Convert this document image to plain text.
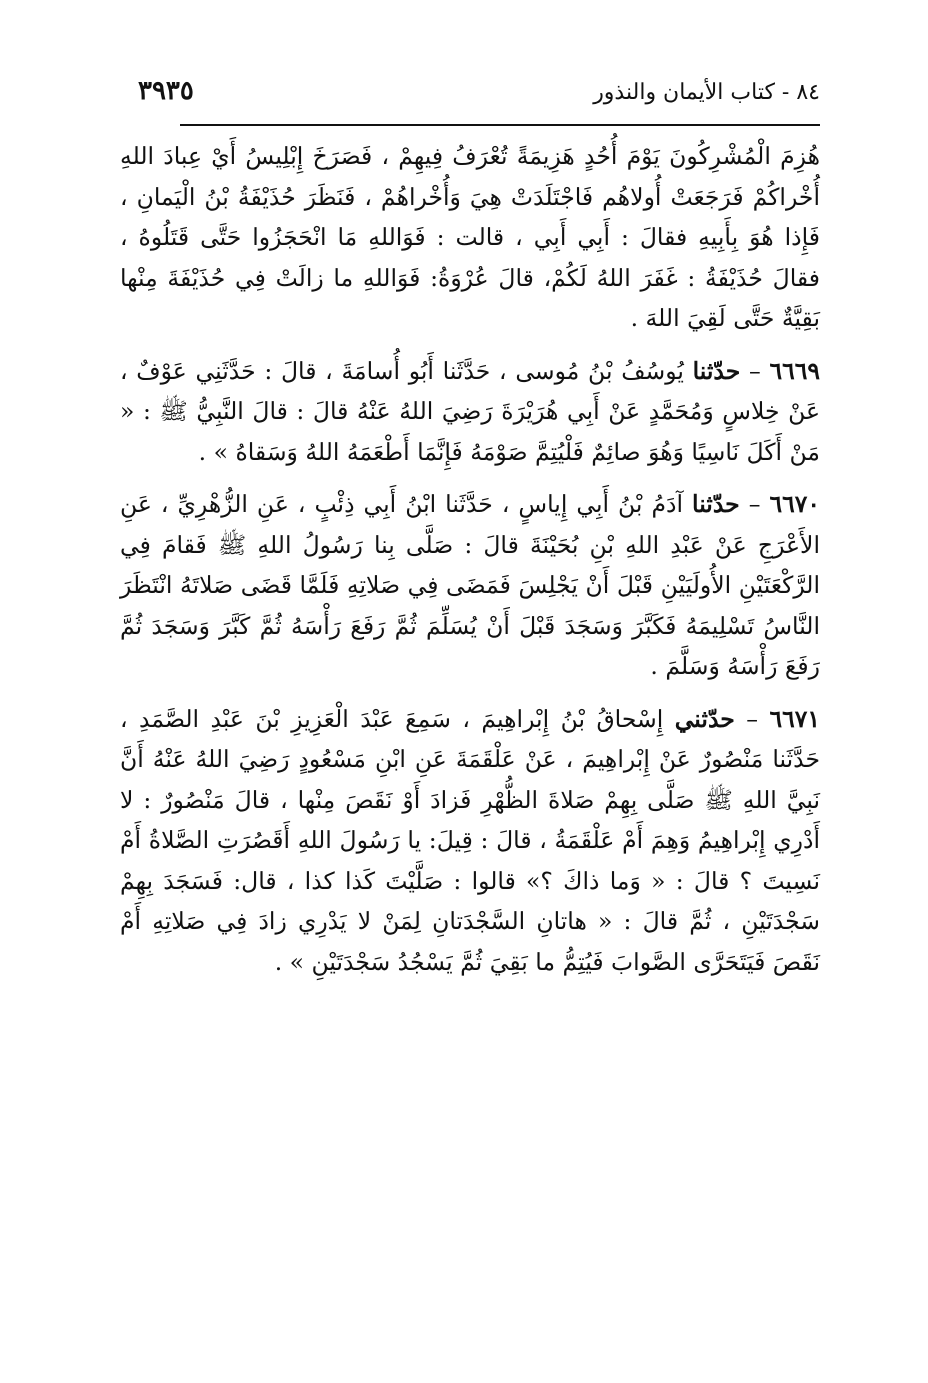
٨٤ - كتاب الأيمان والنذور
٣٩٣٥

هُزِمَ الْمُشْرِكُونَ يَوْمَ أُحُدٍ هَزِيمَةً تُعْرَفُ فِيهِمْ ، فَصَرَخَ إِبْلِيسُ أَيْ عِبادَ اللهِ أُخْراكُمْ فَرَجَعَتْ أُولاهُم فَاجْتَلَدَتْ هِيَ وَأُخْراهُمْ ، فَنَظَرَ حُذَيْفَةُ بْنُ الْيَمانِ ، فَإِذا هُوَ بِأَبِيهِ فقالَ : أَبِي أَبِي ، قالت : فَوَاللهِ مَا انْحَجَزُوا حَتَّى قَتَلُوهُ ، فقالَ حُذَيْفَةُ : غَفَرَ اللهُ لَكُمْ، قالَ عُرْوَةُ: فَوَاللهِ ما زالَتْ فِي حُذَيْفَةَ مِنْها بَقِيَّةٌ حَتَّى لَقِيَ اللهَ .

٦٦٦٩ – حدّثنا يُوسُفُ بْنُ مُوسى ، حَدَّثَنا أَبُو أُسامَةَ ، قالَ : حَدَّثَنِي عَوْفٌ ، عَنْ خِلاسٍ وَمُحَمَّدٍ عَنْ أَبِي هُرَيْرَةَ رَضِيَ اللهُ عَنْهُ قالَ : قالَ النَّبِيُّ ﷺ : « مَنْ أَكَلَ نَاسِيًا وَهُوَ صائِمٌ فَلْيُتِمَّ صَوْمَهُ فَإِنَّمَا أَطْعَمَهُ اللهُ وَسَقاهُ » .

٦٦٧٠ – حدّثنا آدَمُ بْنُ أَبِي إِياسٍ ، حَدَّثَنا ابْنُ أَبِي ذِئْبٍ ، عَنِ الزُّهْرِيِّ ، عَنِ الأَعْرَجِ عَنْ عَبْدِ اللهِ بْنِ بُحَيْنَةَ قالَ : صَلَّى بِنا رَسُولُ اللهِ ﷺ فَقامَ فِي الرَّكْعَتَيْنِ الأُولَيَيْنِ قَبْلَ أَنْ يَجْلِسَ فَمَضَى فِي صَلاتِهِ فَلَمَّا قَضَى صَلاتَهُ انْتَظَرَ النَّاسُ تَسْلِيمَهُ فَكَبَّرَ وَسَجَدَ قَبْلَ أَنْ يُسَلِّمَ ثُمَّ رَفَعَ رَأْسَهُ ثُمَّ كَبَّرَ وَسَجَدَ ثُمَّ رَفَعَ رَأْسَهُ وَسَلَّمَ .

٦٦٧١ – حدّثني إِسْحاقُ بْنُ إِبْراهِيمَ ، سَمِعَ عَبْدَ الْعَزِيزِ بْنَ عَبْدِ الصَّمَدِ ، حَدَّثَنا مَنْصُورٌ عَنْ إِبْراهِيمَ ، عَنْ عَلْقَمَةَ عَنِ ابْنِ مَسْعُودٍ رَضِيَ اللهُ عَنْهُ أَنَّ نَبِيَّ اللهِ ﷺ صَلَّى بِهِمْ صَلاةَ الظُّهْرِ فَزادَ أَوْ نَقَصَ مِنْها ، قالَ مَنْصُورٌ : لا أَدْرِي إِبْراهِيمُ وَهِمَ أَمْ عَلْقَمَةُ ، قالَ : قِيلَ: يا رَسُولَ اللهِ أَقَصُرَتِ الصَّلاةُ أَمْ نَسِيتَ ؟ قالَ : « وَما ذاكَ ؟» قالوا : صَلَّيْتَ كَذا كذا ، قال: فَسَجَدَ بِهِمْ سَجْدَتَيْنِ ، ثُمَّ قالَ : « هاتانِ السَّجْدَتانِ لِمَنْ لا يَدْرِي زادَ فِي صَلاتِهِ أَمْ نَقَصَ فَيَتَحَرَّى الصَّوابَ فَيُتِمُّ ما بَقِيَ ثُمَّ يَسْجُدُ سَجْدَتَيْنِ » .
